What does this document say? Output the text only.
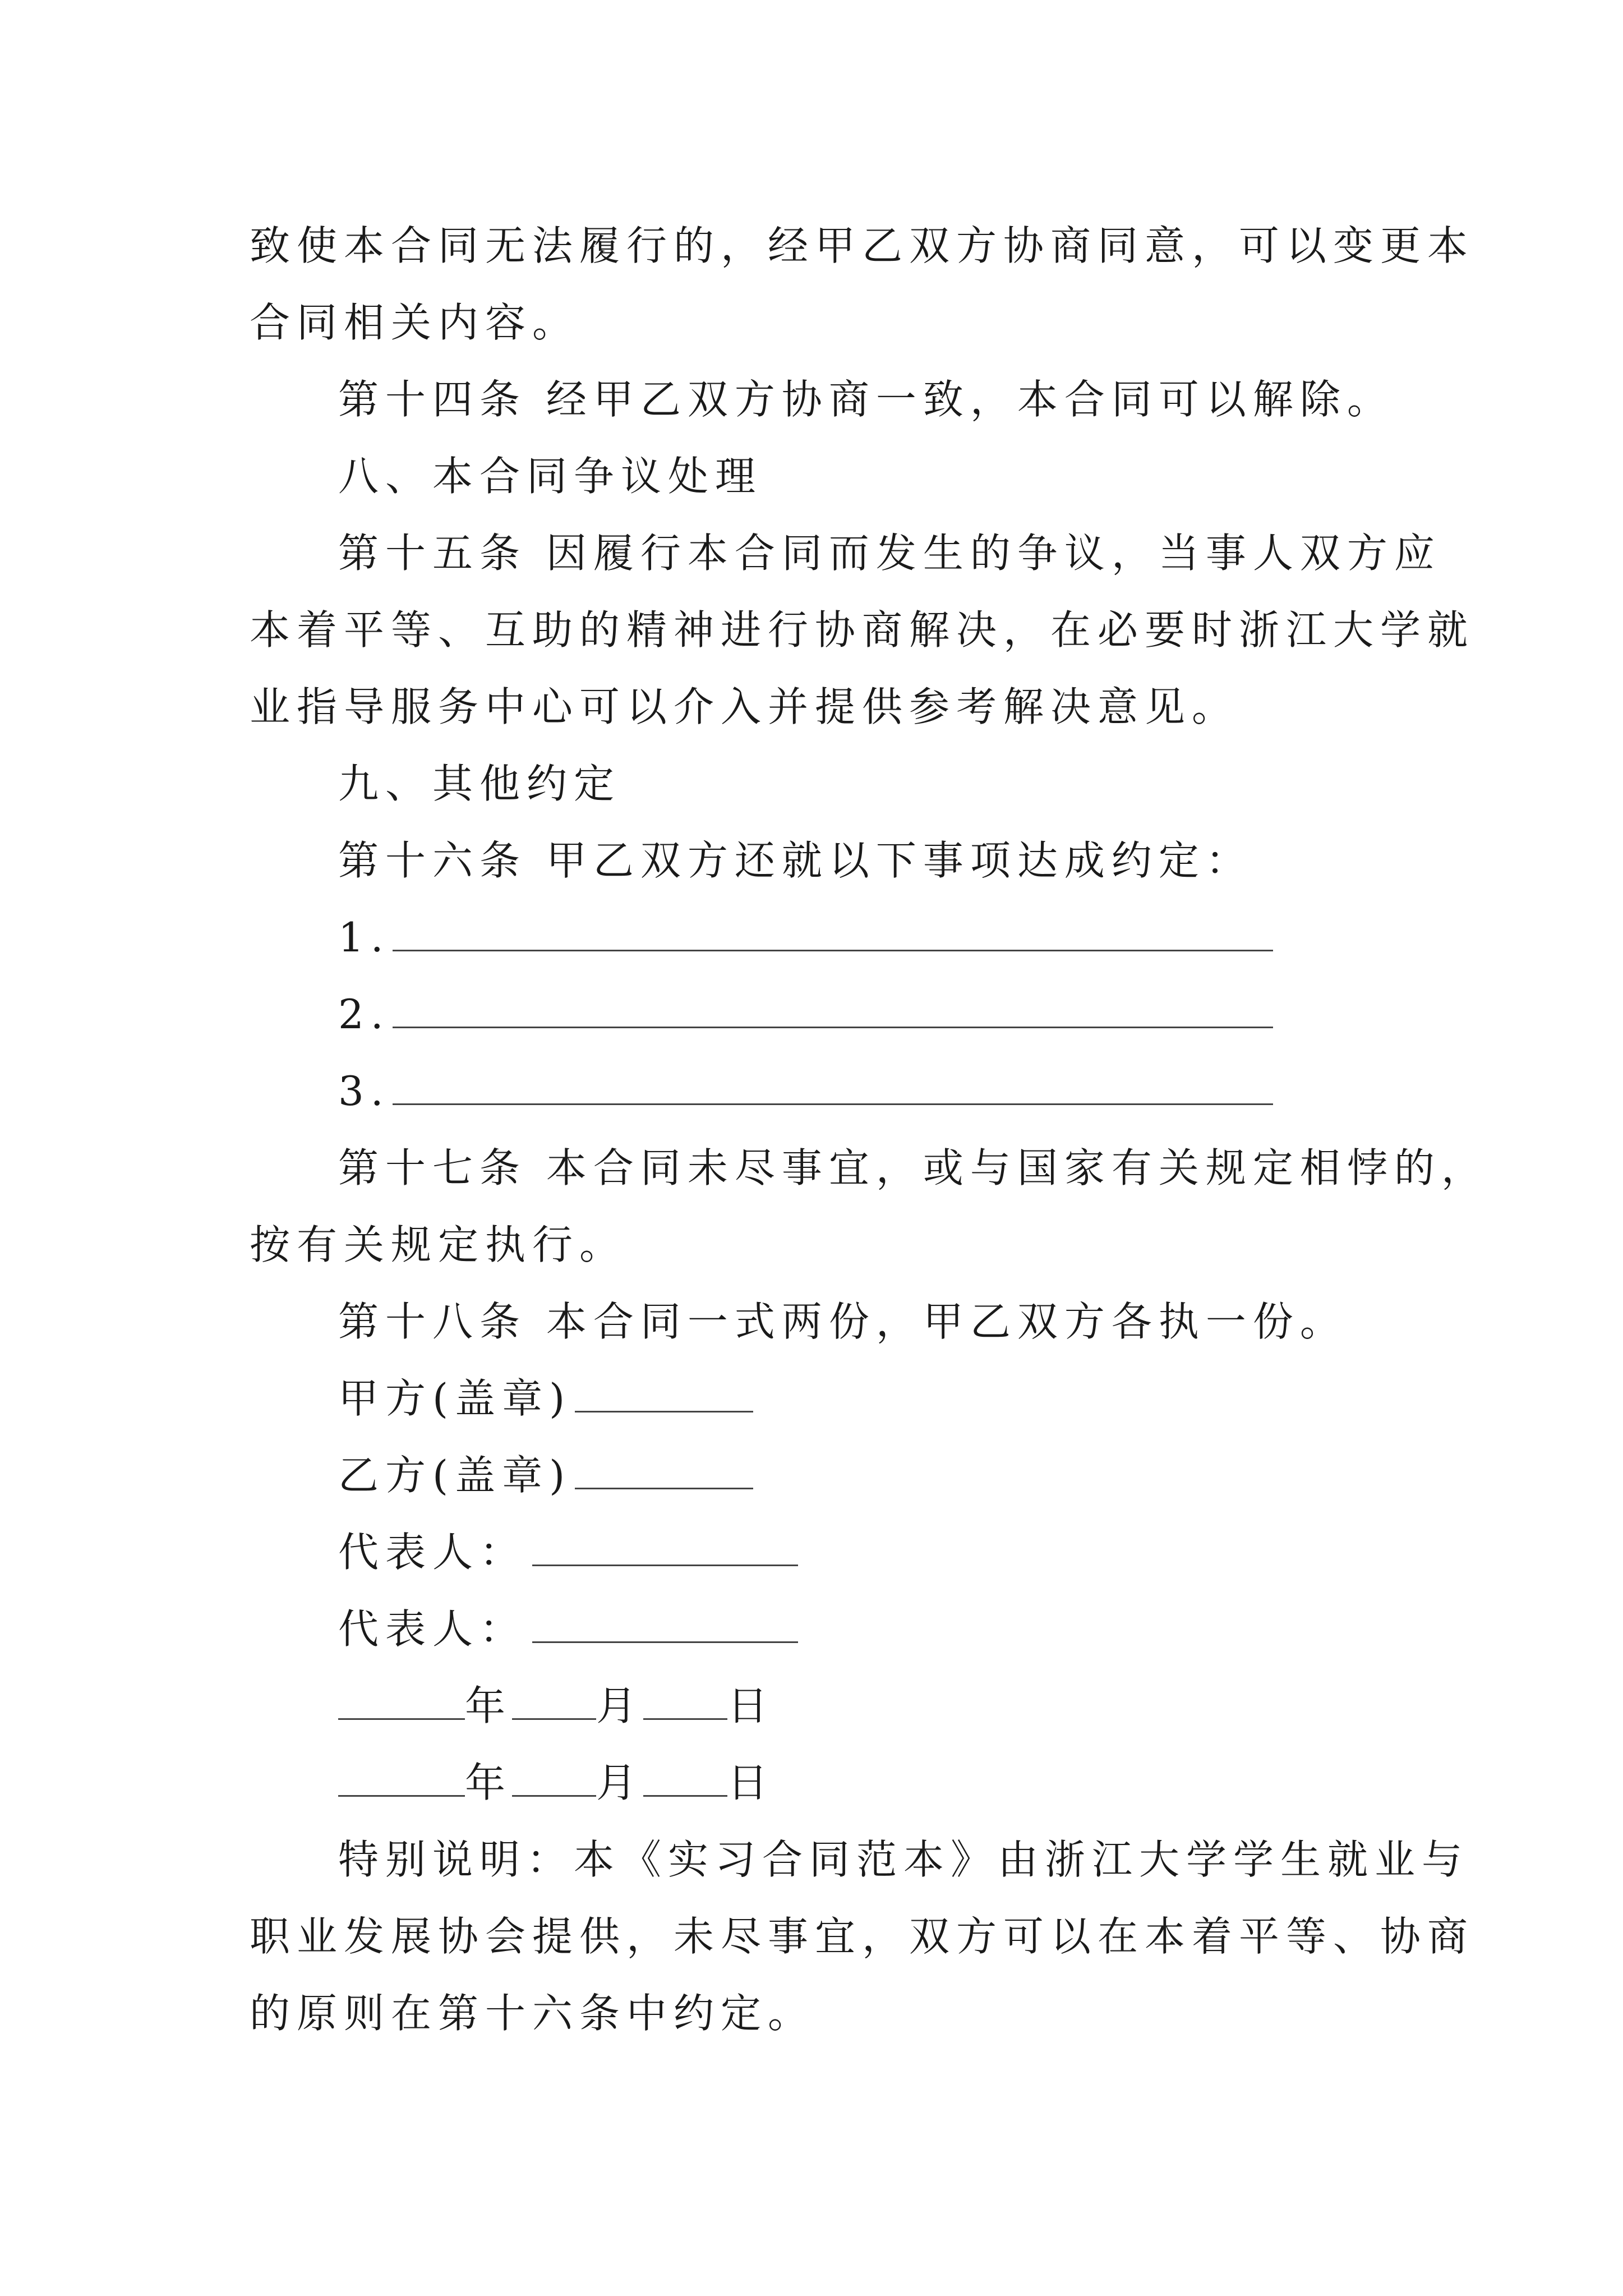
致使本合同无法履行的，经甲乙双方协商同意，可以变更本
合同相关内容。
第十四条 经甲乙双方协商一致，本合同可以解除。
八、本合同争议处理
第十五条 因履行本合同而发生的争议，当事人双方应
本着平等、互助的精神进行协商解决，在必要时浙江大学就
业指导服务中心可以介入并提供参考解决意见。
九、其他约定
第十六条 甲乙双方还就以下事项达成约定：
1.
2.
3.
第十七条 本合同未尽事宜，或与国家有关规定相悖的，
按有关规定执行。
第十八条 本合同一式两份，甲乙双方各执一份。
甲方(盖章)
乙方(盖章)
代表人：
代表人：
年 月 日
年 月 日
特别说明：本《实习合同范本》由浙江大学学生就业与
职业发展协会提供，未尽事宜，双方可以在本着平等、协商
的原则在第十六条中约定。
